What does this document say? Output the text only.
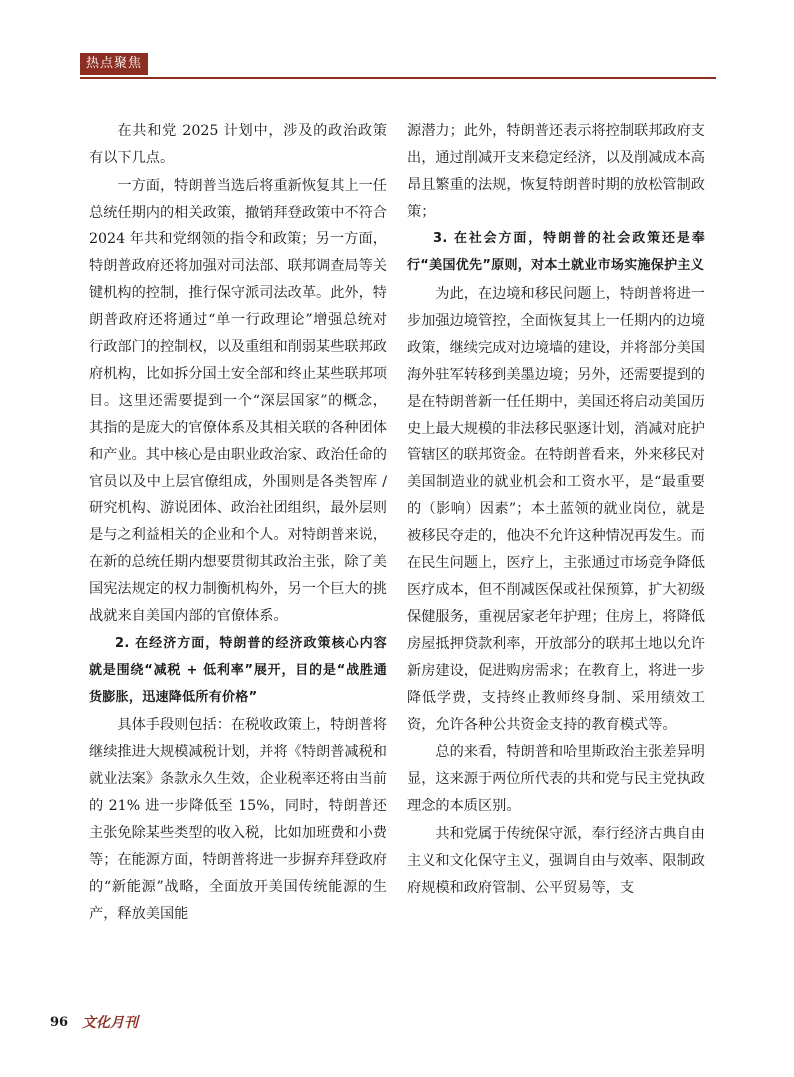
热点聚焦

在共和党 2025 计划中，涉及的政治政策有以下几点。

一方面，特朗普当选后将重新恢复其上一任总统任期内的相关政策，撤销拜登政策中不符合 2024 年共和党纲领的指令和政策；另一方面，特朗普政府还将加强对司法部、联邦调查局等关键机构的控制，推行保守派司法改革。此外，特朗普政府还将通过“单一行政理论”增强总统对行政部门的控制权，以及重组和削弱某些联邦政府机构，比如拆分国土安全部和终止某些联邦项目。这里还需要提到一个“深层国家”的概念，其指的是庞大的官僚体系及其相关联的各种团体和产业。其中核心是由职业政治家、政治任命的官员以及中上层官僚组成，外围则是各类智库 / 研究机构、游说团体、政治社团组织，最外层则是与之利益相关的企业和个人。对特朗普来说，在新的总统任期内想要贯彻其政治主张，除了美国宪法规定的权力制衡机构外，另一个巨大的挑战就来自美国内部的官僚体系。

2. 在经济方面，特朗普的经济政策核心内容就是围绕“减税 + 低利率”展开，目的是“战胜通货膨胀，迅速降低所有价格”

具体手段则包括：在税收政策上，特朗普将继续推进大规模减税计划，并将《特朗普减税和就业法案》条款永久生效，企业税率还将由当前的 21% 进一步降低至 15%，同时，特朗普还主张免除某些类型的收入税，比如加班费和小费等；在能源方面，特朗普将进一步摒弃拜登政府的“新能源”战略，全面放开美国传统能源的生产，释放美国能

源潜力；此外，特朗普还表示将控制联邦政府支出，通过削减开支来稳定经济，以及削减成本高昂且繁重的法规，恢复特朗普时期的放松管制政策；

3. 在社会方面，特朗普的社会政策还是奉行“美国优先”原则，对本土就业市场实施保护主义

为此，在边境和移民问题上，特朗普将进一步加强边境管控，全面恢复其上一任期内的边境政策，继续完成对边境墙的建设，并将部分美国海外驻军转移到美墨边境；另外，还需要提到的是在特朗普新一任任期中，美国还将启动美国历史上最大规模的非法移民驱逐计划，消减对庇护管辖区的联邦资金。在特朗普看来，外来移民对美国制造业的就业机会和工资水平，是“最重要的（影响）因素”；本土蓝领的就业岗位，就是被移民夺走的，他决不允许这种情况再发生。而在民生问题上，医疗上，主张通过市场竞争降低医疗成本，但不削减医保或社保预算，扩大初级保健服务，重视居家老年护理；住房上，将降低房屋抵押贷款利率，开放部分的联邦土地以允许新房建设，促进购房需求；在教育上，将进一步降低学费，支持终止教师终身制、采用绩效工资，允许各种公共资金支持的教育模式等。

总的来看，特朗普和哈里斯政治主张差异明显，这来源于两位所代表的共和党与民主党执政理念的本质区别。

共和党属于传统保守派，奉行经济古典自由主义和文化保守主义，强调自由与效率、限制政府规模和政府管制、公平贸易等，支

96 文化月刊
